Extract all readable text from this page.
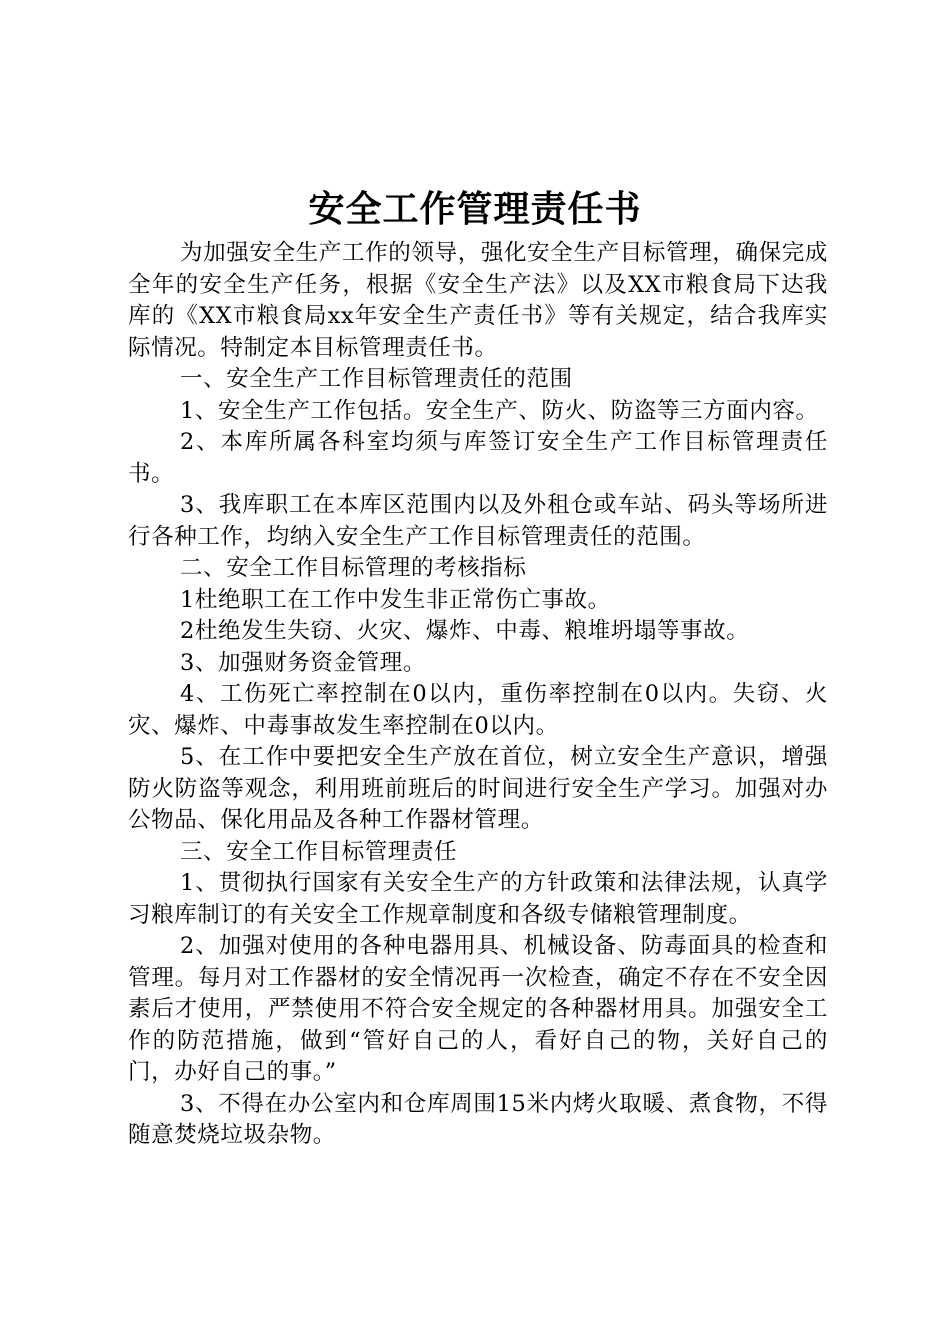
安全工作管理责任书

为加强安全生产工作的领导，强化安全生产目标管理，确保完成全年的安全生产任务，根据《安全生产法》以及XX市粮食局下达我库的《XX市粮食局xx年安全生产责任书》等有关规定，结合我库实际情况。特制定本目标管理责任书。

一、安全生产工作目标管理责任的范围

1、安全生产工作包括。安全生产、防火、防盗等三方面内容。

2、本库所属各科室均须与库签订安全生产工作目标管理责任书。

3、我库职工在本库区范围内以及外租仓或车站、码头等场所进行各种工作，均纳入安全生产工作目标管理责任的范围。

二、安全工作目标管理的考核指标

1杜绝职工在工作中发生非正常伤亡事故。

2杜绝发生失窃、火灾、爆炸、中毒、粮堆坍塌等事故。

3、加强财务资金管理。

4、工伤死亡率控制在0以内，重伤率控制在0以内。失窃、火灾、爆炸、中毒事故发生率控制在0以内。

5、在工作中要把安全生产放在首位，树立安全生产意识，增强防火防盗等观念，利用班前班后的时间进行安全生产学习。加强对办公物品、保化用品及各种工作器材管理。

三、安全工作目标管理责任

1、贯彻执行国家有关安全生产的方针政策和法律法规，认真学习粮库制订的有关安全工作规章制度和各级专储粮管理制度。

2、加强对使用的各种电器用具、机械设备、防毒面具的检查和管理。每月对工作器材的安全情况再一次检查，确定不存在不安全因素后才使用，严禁使用不符合安全规定的各种器材用具。加强安全工作的防范措施，做到“管好自己的人，看好自己的物，关好自己的门，办好自己的事。”

3、不得在办公室内和仓库周围15米内烤火取暖、煮食物，不得随意焚烧垃圾杂物。
